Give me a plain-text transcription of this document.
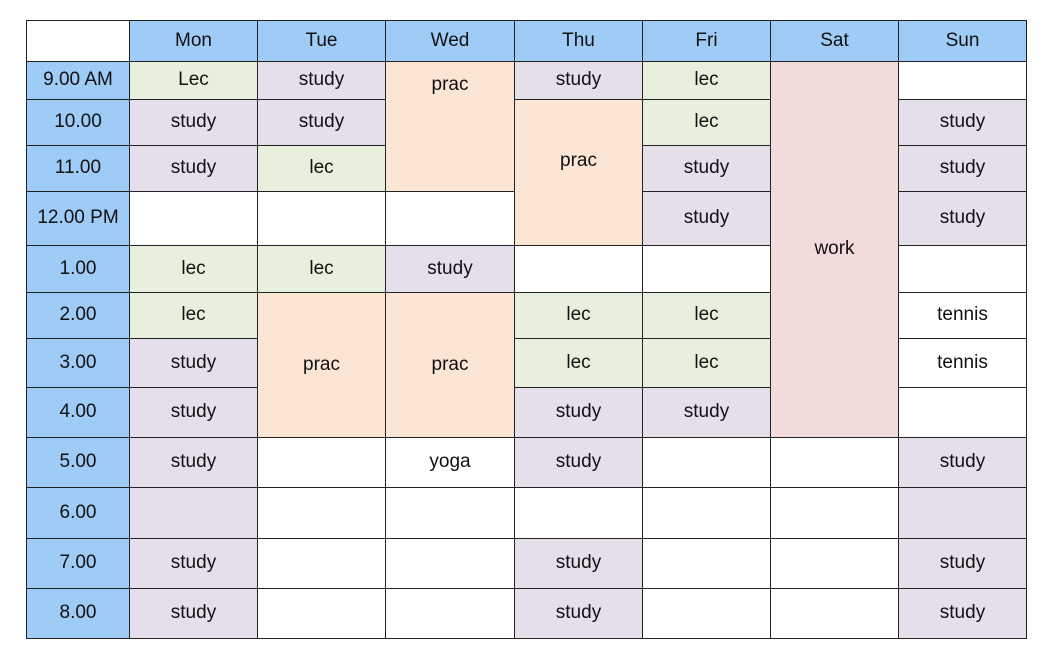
	Mon	Tue	Wed	Thu	Fri	Sat	Sun
9.00 AM	Lec	study	prac	study	lec	work	
10.00	study	study		prac	lec		study
11.00	study	lec			study		study
12.00 PM					study		study
1.00	lec	lec	study				
2.00	lec	prac	prac	lec	lec		tennis
3.00	study			lec	lec		tennis
4.00	study			study	study		
5.00	study		yoga	study			study
6.00							
7.00	study			study			study
8.00	study			study			study
